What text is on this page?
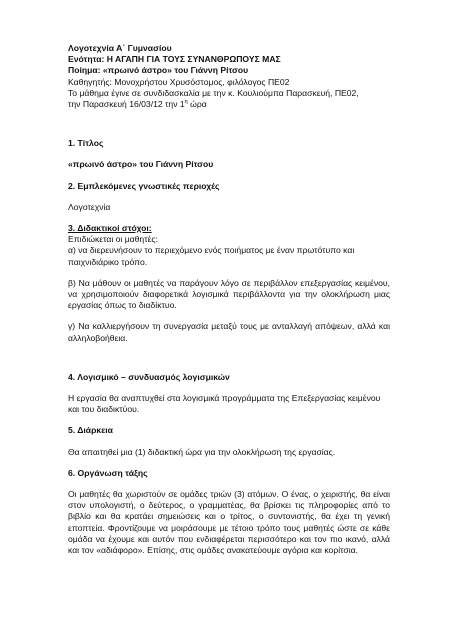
Λογοτεχνία Α΄ Γυμνασίου

Ενότητα: Η ΑΓΑΠΗ ΓΙΑ ΤΟΥΣ ΣΥΝΑΝΘΡΩΠΟΥΣ ΜΑΣ

Ποίημα: «πρωινό άστρο» του Γιάννη Ρίτσου

Καθηγητής: Μονοχρήστου Χρυσόστομος, φιλόλογος ΠΕ02

Το μάθημα έγινε σε συνδιδασκαλία με την κ. Κουλιούμπα Παρασκευή, ΠΕ02,

την Παρασκευή 16/03/12 την $1^\eta$ ώρα

1. Τίτλος

«πρωινό άστρο» του Γιάννη Ρίτσου

2. Εμπλεκόμενες γνωστικές περιοχές

Λογοτεχνία

3. Διδακτικοί στόχοι:

Επιδιώκεται οι μαθητές:

α) να διερευνήσουν το περιεχόμενο ενός ποιήματος με έναν πρωτότυπο και παιχνιδιάρικο τρόπο.

β) Να μάθουν οι μαθητές να παράγουν λόγο σε περιβάλλον επεξεργασίας κειμένου, να χρησιμοποιούν διαφορετικά λογισμικά περιβάλλοντα για την ολοκλήρωση μιας εργασίας όπως το διαδίκτυο.

γ) Να καλλιεργήσουν τη συνεργασία μεταξύ τους με ανταλλαγή απόψεων, αλλά και αλληλοβοήθεια.

4. Λογισμικό – συνδυασμός λογισμικών

Η εργασία θα αναπτυχθεί στα λογισμικά προγράμματα της Επεξεργασίας κειμένου και του διαδικτύου.

5. Διάρκεια

Θα απαιτηθεί μια (1) διδακτική ώρα για την ολοκλήρωση της εργασίας.

6. Οργάνωση τάξης

Οι μαθητές θα χωριστούν σε ομάδες τριών (3) ατόμων. Ο ένας, ο χειριστής, θα είναι στον υπολογιστή, ο δεύτερος, ο γραμματέας, θα βρίσκει τις πληροφορίες από το βιβλίο και θα κρατάει σημειώσεις και ο τρίτος, ο συντονιστής, θα έχει τη γενική εποπτεία. Φροντίζουμε να μοιράσουμε με τέτοιο τρόπο τους μαθητές ώστε σε κάθε ομάδα να έχουμε και αυτόν που ενδιαφέρεται περισσότερο και τον πιο ικανό, αλλά και τον «αδιάφορο». Επίσης, στις ομάδες ανακατεύουμε αγόρια και κορίτσια.
